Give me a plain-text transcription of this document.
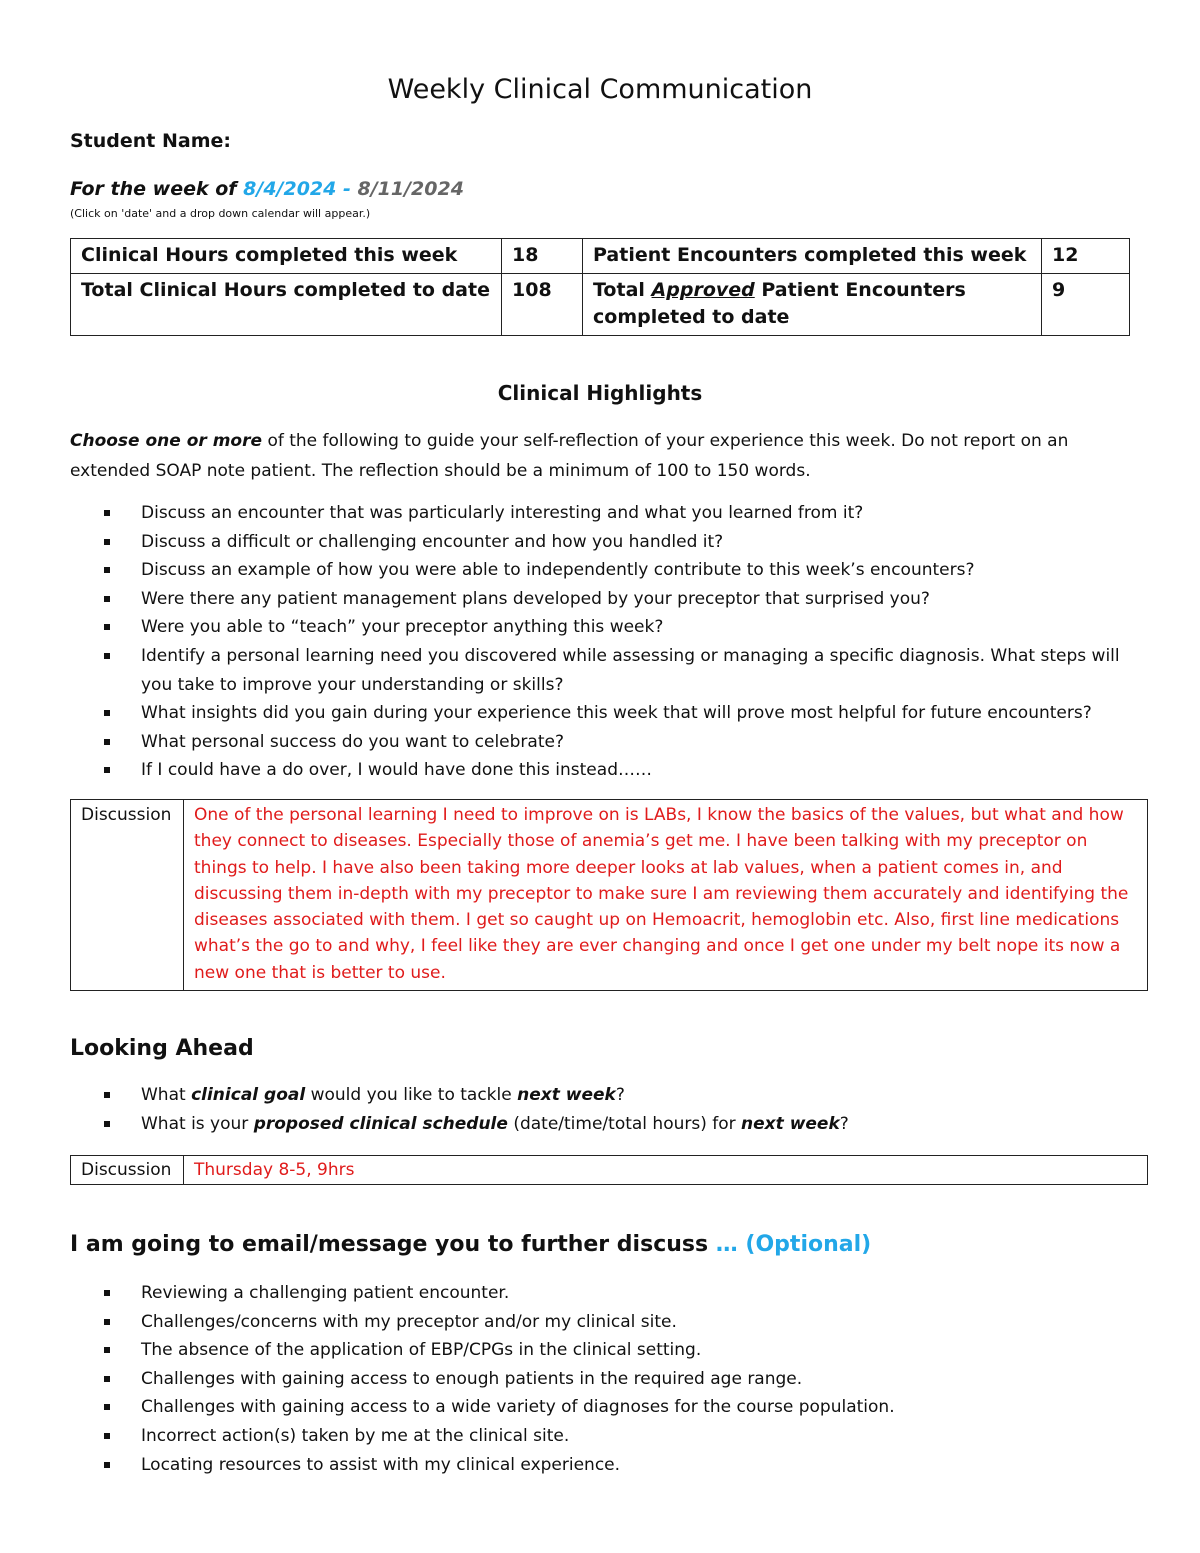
Weekly Clinical Communication
Student Name:
For the week of 8/4/2024 - 8/11/2024
(Click on 'date' and a drop down calendar will appear.)
Clinical Hours completed this week	18	Patient Encounters completed this week	12
Total Clinical Hours completed to date	108	Total Approved Patient Encounters completed to date	9
Clinical Highlights
Choose one or more of the following to guide your self-reflection of your experience this week. Do not report on an extended SOAP note patient. The reflection should be a minimum of 100 to 150 words.
Discuss an encounter that was particularly interesting and what you learned from it?
Discuss a difficult or challenging encounter and how you handled it?
Discuss an example of how you were able to independently contribute to this week’s encounters?
Were there any patient management plans developed by your preceptor that surprised you?
Were you able to “teach” your preceptor anything this week?
Identify a personal learning need you discovered while assessing or managing a specific diagnosis. What steps will you take to improve your understanding or skills?
What insights did you gain during your experience this week that will prove most helpful for future encounters?
What personal success do you want to celebrate?
If I could have a do over, I would have done this instead……
Discussion	One of the personal learning I need to improve on is LABs, I know the basics of the values, but what and how they connect to diseases. Especially those of anemia’s get me. I have been talking with my preceptor on things to help. I have also been taking more deeper looks at lab values, when a patient comes in, and discussing them in-depth with my preceptor to make sure I am reviewing them accurately and identifying the diseases associated with them. I get so caught up on Hemoacrit, hemoglobin etc. Also, first line medications what’s the go to and why, I feel like they are ever changing and once I get one under my belt nope its now a new one that is better to use.
Looking Ahead
What clinical goal would you like to tackle next week?
What is your proposed clinical schedule (date/time/total hours) for next week?
Discussion	Thursday 8-5, 9hrs
I am going to email/message you to further discuss … (Optional)
Reviewing a challenging patient encounter.
Challenges/concerns with my preceptor and/or my clinical site.
The absence of the application of EBP/CPGs in the clinical setting.
Challenges with gaining access to enough patients in the required age range.
Challenges with gaining access to a wide variety of diagnoses for the course population.
Incorrect action(s) taken by me at the clinical site.
Locating resources to assist with my clinical experience.
